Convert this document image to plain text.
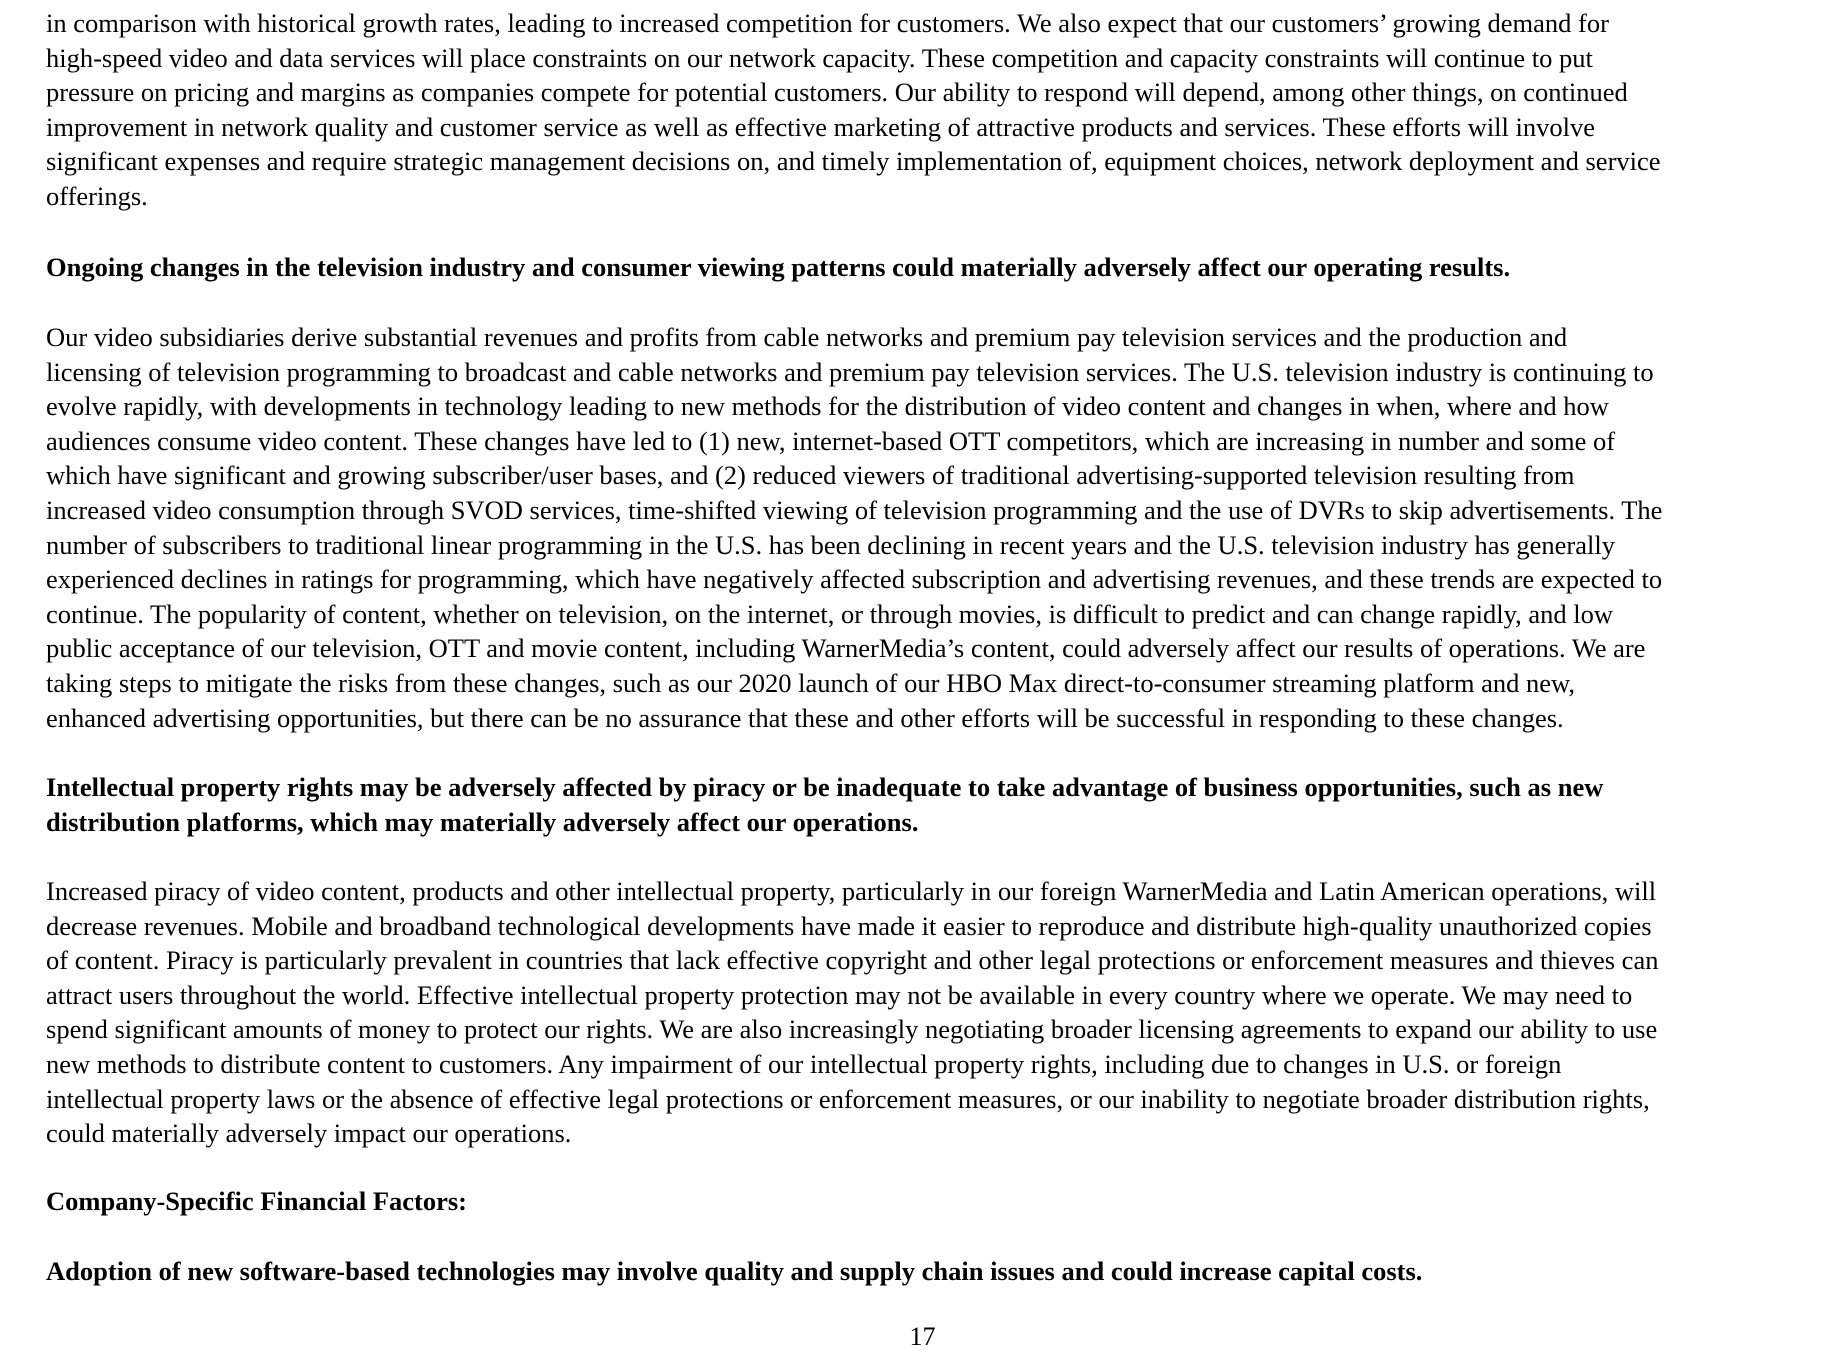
in comparison with historical growth rates, leading to increased competition for customers. We also expect that our customers’ growing demand for
high-speed video and data services will place constraints on our network capacity. These competition and capacity constraints will continue to put
pressure on pricing and margins as companies compete for potential customers. Our ability to respond will depend, among other things, on continued
improvement in network quality and customer service as well as effective marketing of attractive products and services. These efforts will involve
significant expenses and require strategic management decisions on, and timely implementation of, equipment choices, network deployment and service
offerings.
Ongoing changes in the television industry and consumer viewing patterns could materially adversely affect our operating results.
Our video subsidiaries derive substantial revenues and profits from cable networks and premium pay television services and the production and
licensing of television programming to broadcast and cable networks and premium pay television services. The U.S. television industry is continuing to
evolve rapidly, with developments in technology leading to new methods for the distribution of video content and changes in when, where and how
audiences consume video content. These changes have led to (1) new, internet-based OTT competitors, which are increasing in number and some of
which have significant and growing subscriber/user bases, and (2) reduced viewers of traditional advertising-supported television resulting from
increased video consumption through SVOD services, time-shifted viewing of television programming and the use of DVRs to skip advertisements. The
number of subscribers to traditional linear programming in the U.S. has been declining in recent years and the U.S. television industry has generally
experienced declines in ratings for programming, which have negatively affected subscription and advertising revenues, and these trends are expected to
continue. The popularity of content, whether on television, on the internet, or through movies, is difficult to predict and can change rapidly, and low
public acceptance of our television, OTT and movie content, including WarnerMedia’s content, could adversely affect our results of operations. We are
taking steps to mitigate the risks from these changes, such as our 2020 launch of our HBO Max direct-to-consumer streaming platform and new,
enhanced advertising opportunities, but there can be no assurance that these and other efforts will be successful in responding to these changes.
Intellectual property rights may be adversely affected by piracy or be inadequate to take advantage of business opportunities, such as new
distribution platforms, which may materially adversely affect our operations.
Increased piracy of video content, products and other intellectual property, particularly in our foreign WarnerMedia and Latin American operations, will
decrease revenues. Mobile and broadband technological developments have made it easier to reproduce and distribute high-quality unauthorized copies
of content. Piracy is particularly prevalent in countries that lack effective copyright and other legal protections or enforcement measures and thieves can
attract users throughout the world. Effective intellectual property protection may not be available in every country where we operate. We may need to
spend significant amounts of money to protect our rights. We are also increasingly negotiating broader licensing agreements to expand our ability to use
new methods to distribute content to customers. Any impairment of our intellectual property rights, including due to changes in U.S. or foreign
intellectual property laws or the absence of effective legal protections or enforcement measures, or our inability to negotiate broader distribution rights,
could materially adversely impact our operations.
Company-Specific Financial Factors:
Adoption of new software-based technologies may involve quality and supply chain issues and could increase capital costs.
17
